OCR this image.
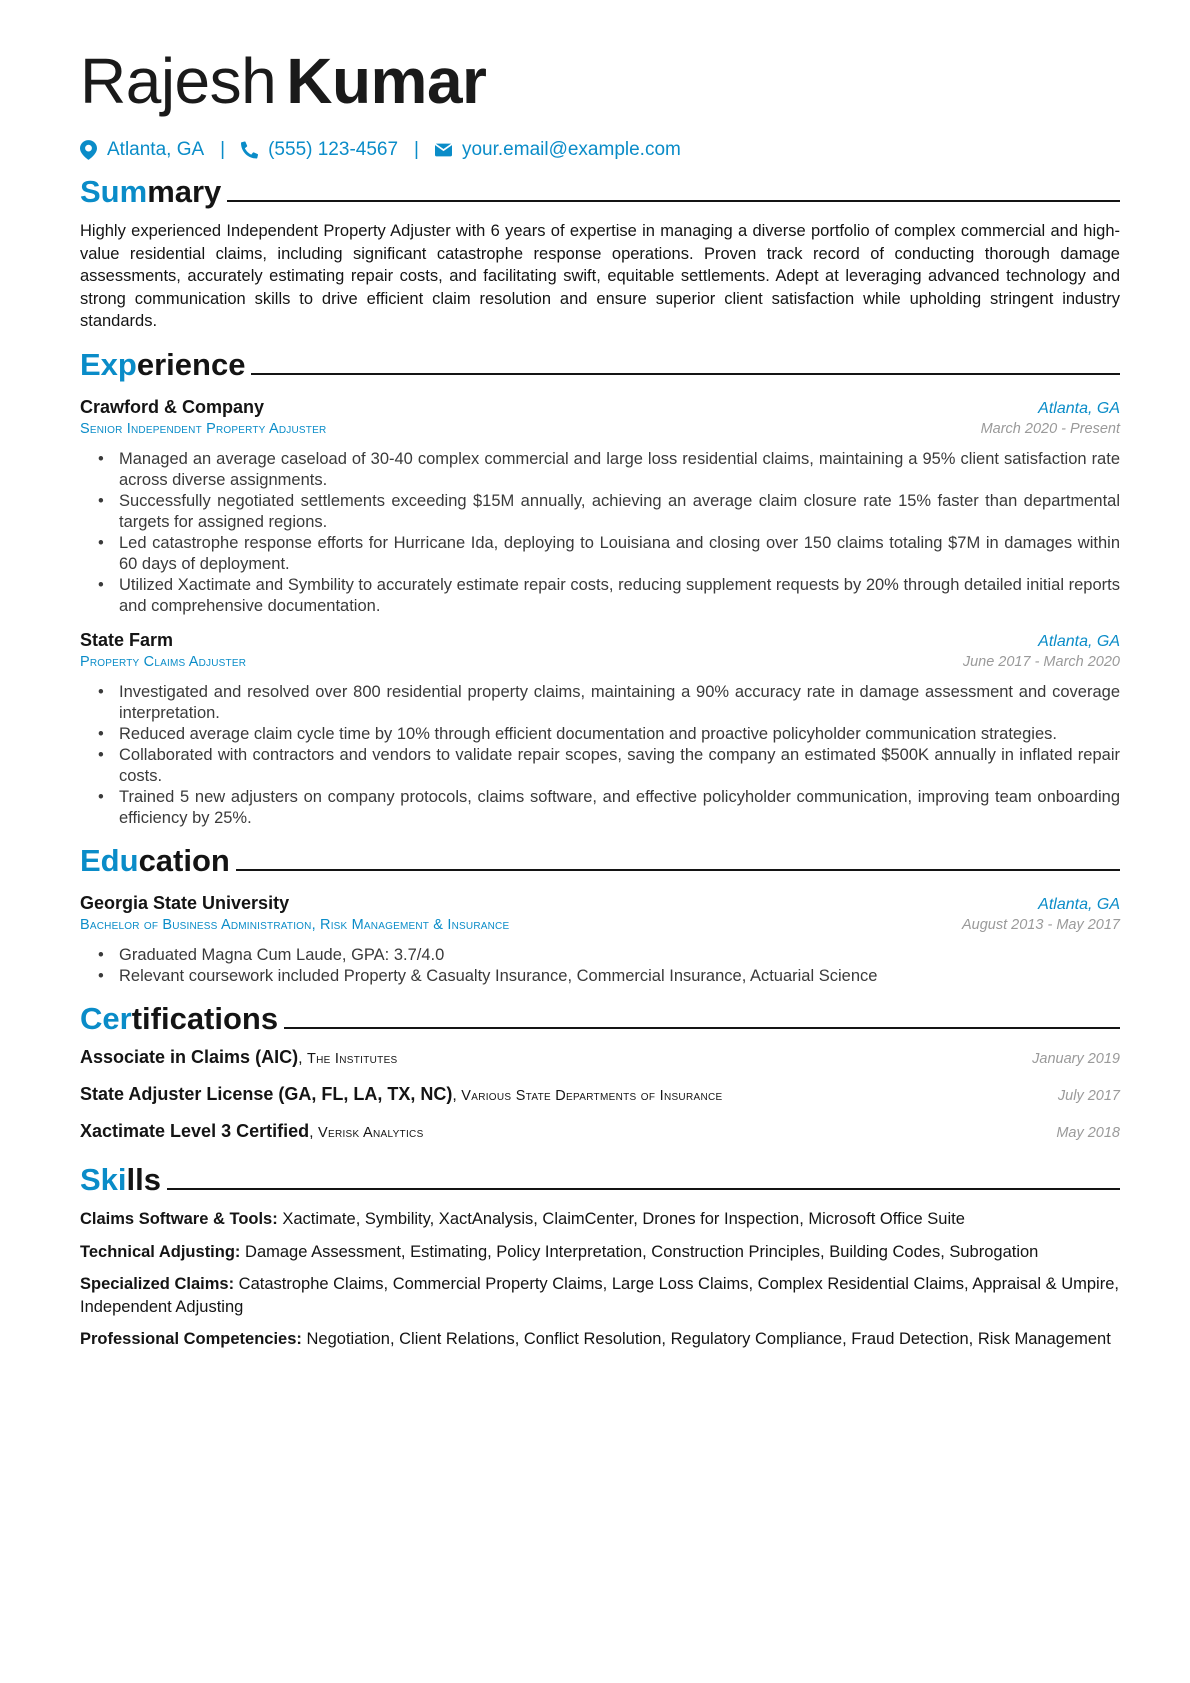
Rajesh Kumar
Atlanta, GA | (555) 123-4567 | your.email@example.com
Summary
Highly experienced Independent Property Adjuster with 6 years of expertise in managing a diverse portfolio of complex commercial and high-value residential claims, including significant catastrophe response operations. Proven track record of conducting thorough damage assessments, accurately estimating repair costs, and facilitating swift, equitable settlements. Adept at leveraging advanced technology and strong communication skills to drive efficient claim resolution and ensure superior client satisfaction while upholding stringent industry standards.
Experience
Crawford & Company	Atlanta, GA
Senior Independent Property Adjuster	March 2020 - Present
• Managed an average caseload of 30-40 complex commercial and large loss residential claims, maintaining a 95% client satisfaction rate across diverse assignments.
• Successfully negotiated settlements exceeding $15M annually, achieving an average claim closure rate 15% faster than departmental targets for assigned regions.
• Led catastrophe response efforts for Hurricane Ida, deploying to Louisiana and closing over 150 claims totaling $7M in damages within 60 days of deployment.
• Utilized Xactimate and Symbility to accurately estimate repair costs, reducing supplement requests by 20% through detailed initial reports and comprehensive documentation.
State Farm	Atlanta, GA
Property Claims Adjuster	June 2017 - March 2020
• Investigated and resolved over 800 residential property claims, maintaining a 90% accuracy rate in damage assessment and coverage interpretation.
• Reduced average claim cycle time by 10% through efficient documentation and proactive policyholder communication strategies.
• Collaborated with contractors and vendors to validate repair scopes, saving the company an estimated $500K annually in inflated repair costs.
• Trained 5 new adjusters on company protocols, claims software, and effective policyholder communication, improving team onboarding efficiency by 25%.
Education
Georgia State University	Atlanta, GA
Bachelor of Business Administration, Risk Management & Insurance	August 2013 - May 2017
• Graduated Magna Cum Laude, GPA: 3.7/4.0
• Relevant coursework included Property & Casualty Insurance, Commercial Insurance, Actuarial Science
Certifications
Associate in Claims (AIC), The Institutes	January 2019
State Adjuster License (GA, FL, LA, TX, NC), Various State Departments of Insurance	July 2017
Xactimate Level 3 Certified, Verisk Analytics	May 2018
Skills
Claims Software & Tools: Xactimate, Symbility, XactAnalysis, ClaimCenter, Drones for Inspection, Microsoft Office Suite
Technical Adjusting: Damage Assessment, Estimating, Policy Interpretation, Construction Principles, Building Codes, Subrogation
Specialized Claims: Catastrophe Claims, Commercial Property Claims, Large Loss Claims, Complex Residential Claims, Appraisal & Umpire, Independent Adjusting
Professional Competencies: Negotiation, Client Relations, Conflict Resolution, Regulatory Compliance, Fraud Detection, Risk Management
